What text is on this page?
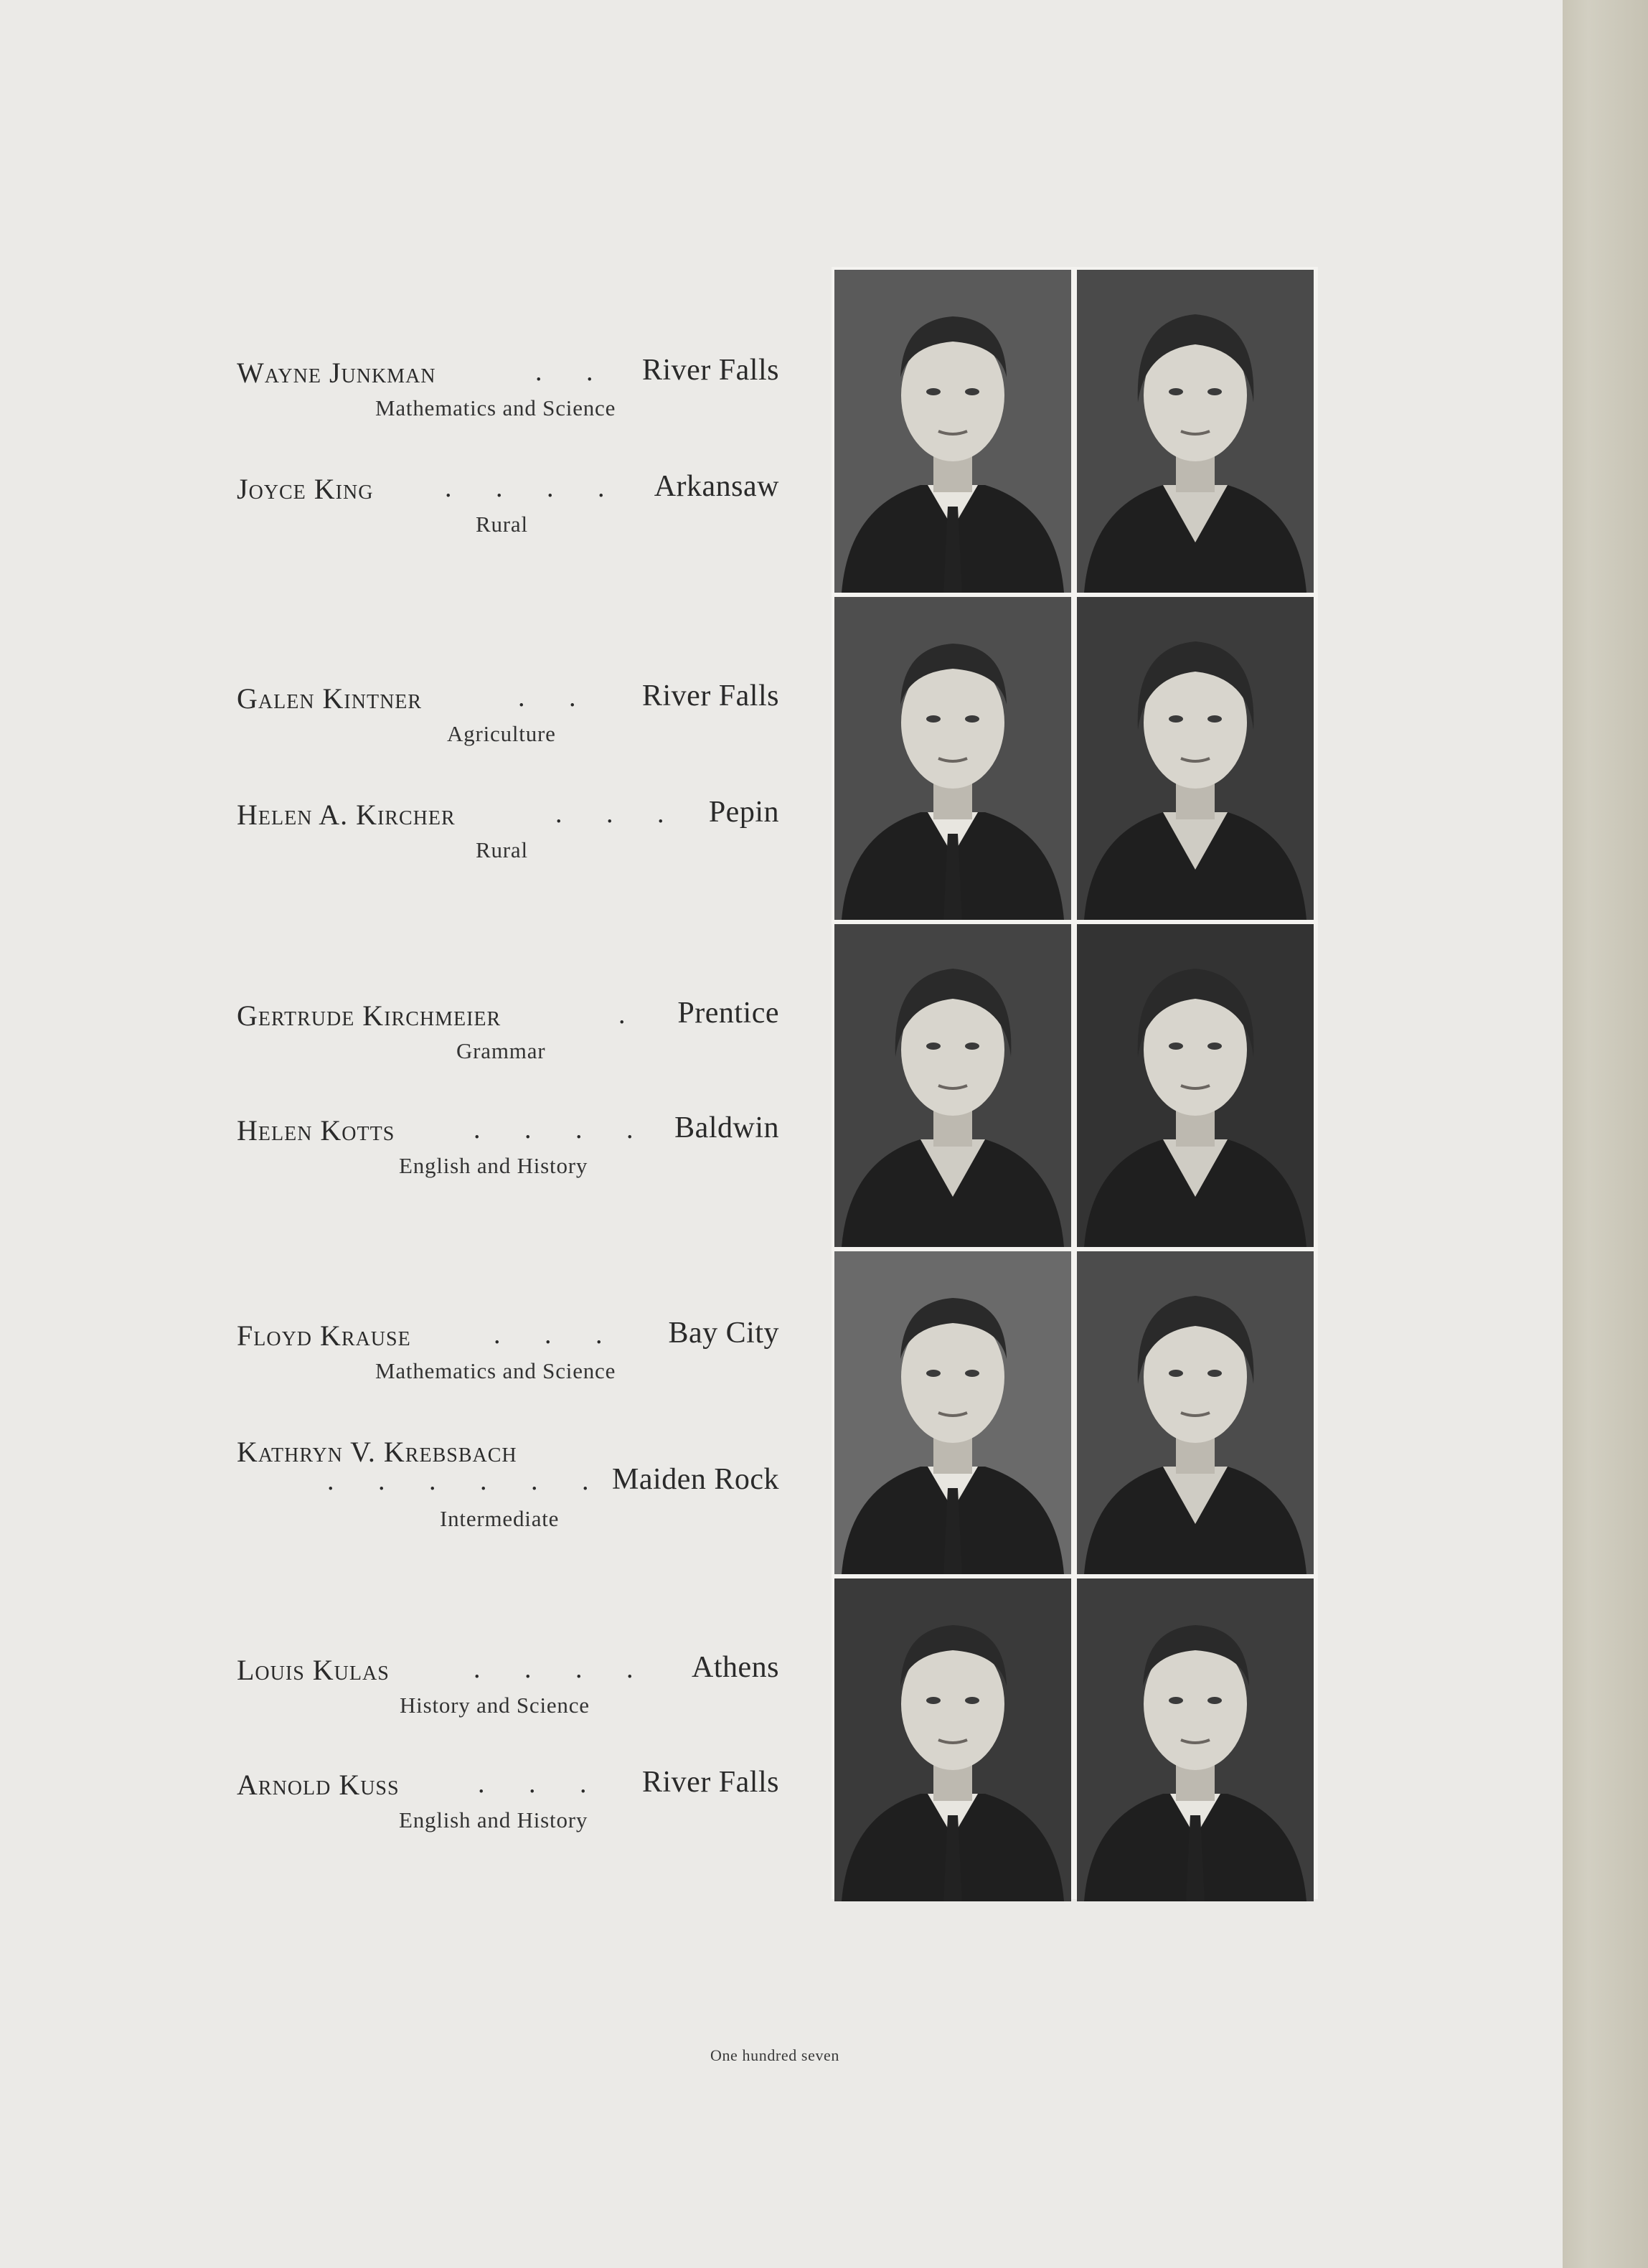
Wayne Junkman	. . River Falls
Mathematics and Science
Joyce King	. . . . Arkansaw
Rural
Galen Kintner	. . River Falls
Agriculture
Helen A. Kircher	. . . Pepin
Rural
Gertrude Kirchmeier	. Prentice
Grammar
Helen Kotts	. . . . Baldwin
English and History
Floyd Krause	. . . Bay City
Mathematics and Science
Kathryn V. Krebsbach
. . . . . . Maiden Rock
Intermediate
Louis Kulas	. . . . Athens
History and Science
Arnold Kuss	. . . River Falls
English and History
One hundred seven
